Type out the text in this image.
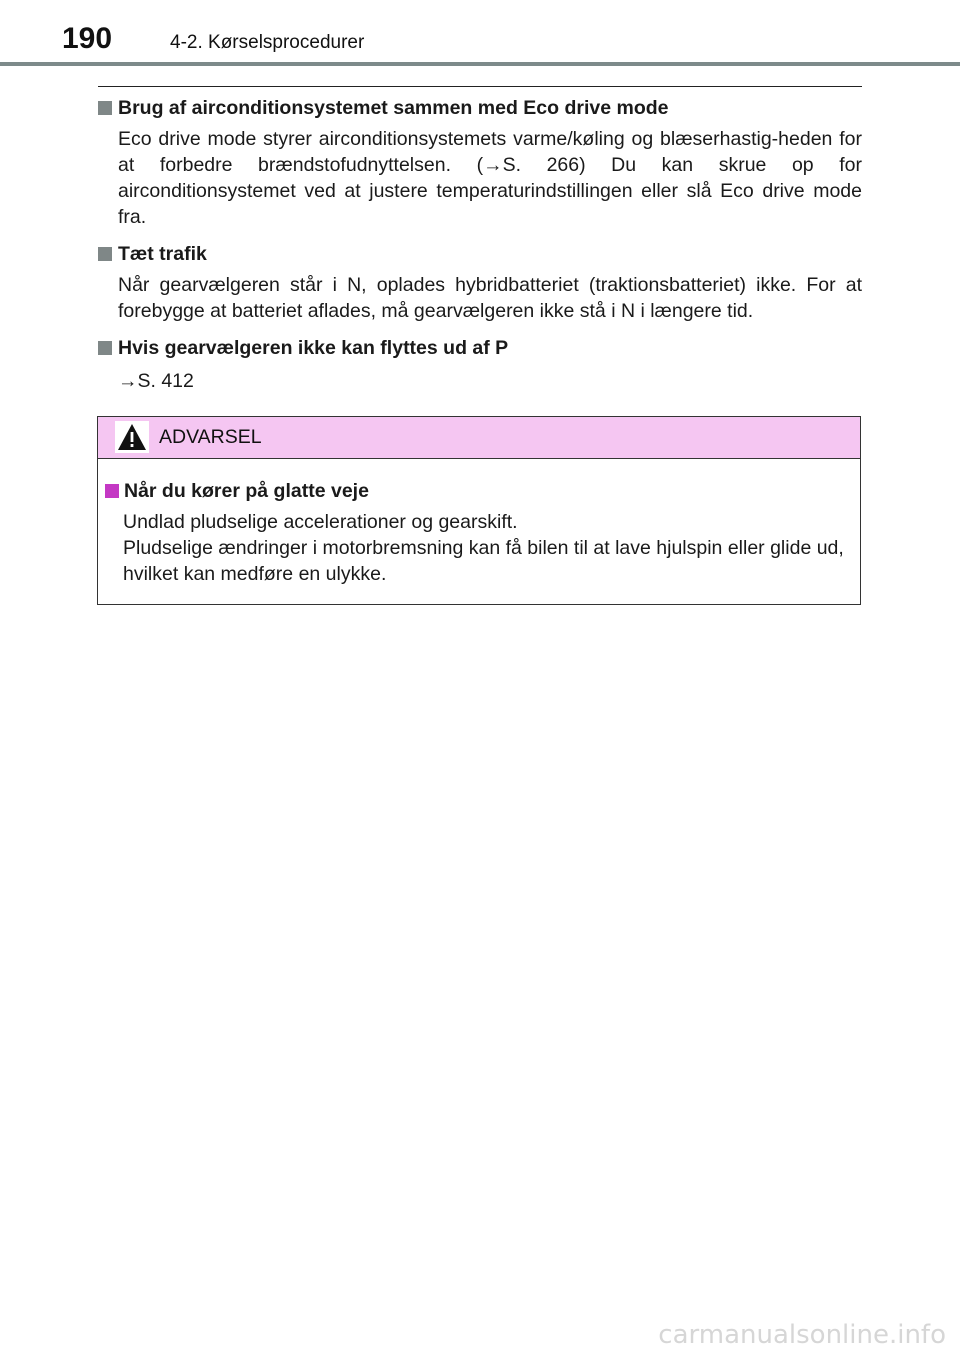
190	4-2. Kørselsprocedurer
Brug af airconditionsystemet sammen med Eco drive mode
Eco drive mode styrer airconditionsystemets varme/køling og blæserhastig-heden for at forbedre brændstofudnyttelsen. (→S. 266) Du kan skrue op for airconditionsystemet ved at justere temperaturindstillingen eller slå Eco drive mode fra.
Tæt trafik
Når gearvælgeren står i N, oplades hybridbatteriet (traktionsbatteriet) ikke. For at forebygge at batteriet aflades, må gearvælgeren ikke stå i N i længere tid.
Hvis gearvælgeren ikke kan flyttes ud af P
→S. 412
ADVARSEL
Når du kører på glatte veje

Undlad pludselige accelerationer og gearskift.

Pludselige ændringer i motorbremsning kan få bilen til at lave hjulspin eller glide ud, hvilket kan medføre en ulykke.

carmanualsonline.info
